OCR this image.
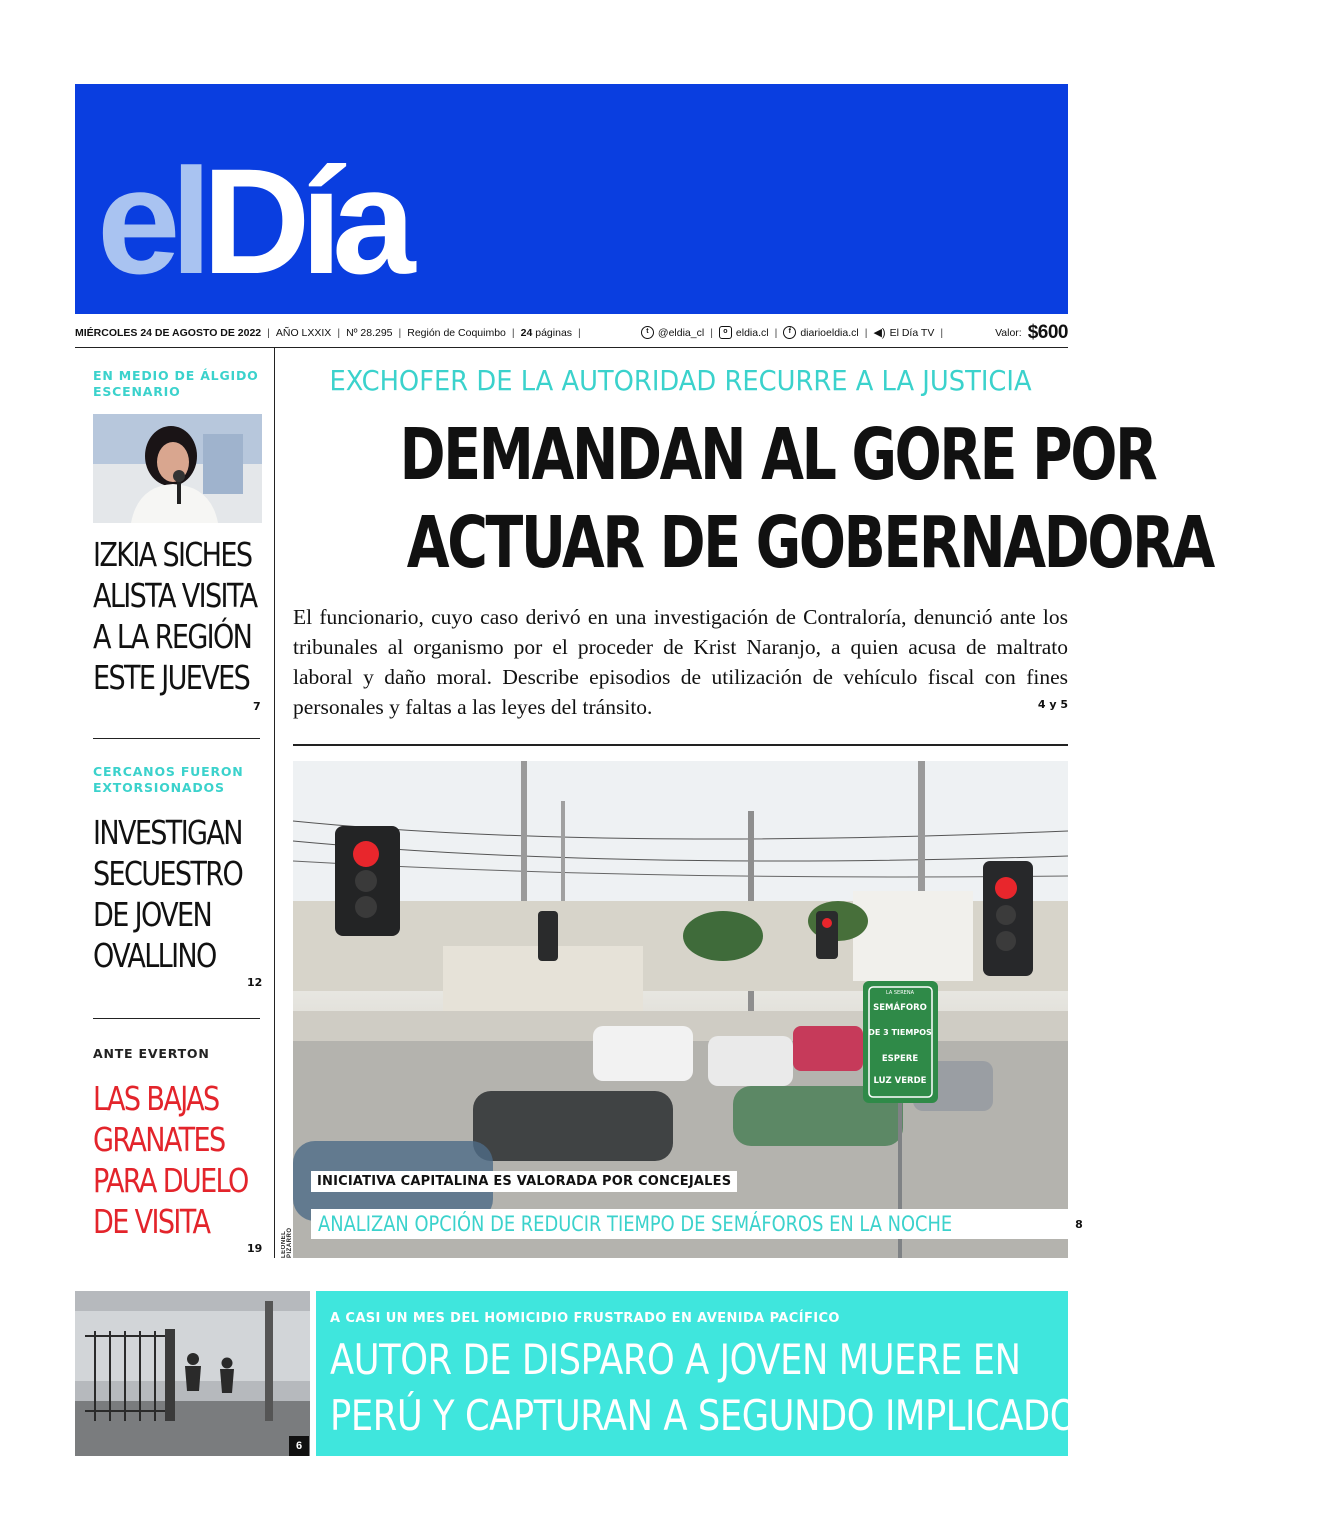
elDía
MIÉRCOLES 24 DE AGOSTO DE 2022 | AÑO LXXIX | Nº 28.295 | Región de Coquimbo | 24 páginas |	t @eldia_cl |	o eldia.cl |	f diarioeldia.cl | ◀) El Día TV |	Valor: $600
EN MEDIO DE ÁLGIDO ESCENARIO
IZKIA SICHES
ALISTA VISITA
A LA REGIÓN
ESTE JUEVES
7
CERCANOS FUERON EXTORSIONADOS
INVESTIGAN
SECUESTRO
DE JOVEN
OVALLINO
12
ANTE EVERTON
LAS BAJAS
GRANATES
PARA DUELO
DE VISITA
19
EXCHOFER DE LA AUTORIDAD RECURRE A LA JUSTICIA
DEMANDAN AL GORE POR
ACTUAR DE GOBERNADORA
El funcionario, cuyo caso derivó en una investigación de Contraloría, denunció ante los tribunales al organismo por el proceder de Krist Naranjo, a quien acusa de maltrato laboral y daño moral. Describe episodios de utilización de vehículo fiscal con fines personales y faltas a las leyes del tránsito.	4 y 5
LA SERENA
SEMÁFORO
DE 3 TIEMPOS
ESPERE
LUZ VERDE
INICIATIVA CAPITALINA ES VALORADA POR CONCEJALES
ANALIZAN OPCIÓN DE REDUCIR TIEMPO DE SEMÁFOROS EN LA NOCHE	8
LEONEL PIZARRO
6
A CASI UN MES DEL HOMICIDIO FRUSTRADO EN AVENIDA PACÍFICO
AUTOR DE DISPARO A JOVEN MUERE EN
PERÚ Y CAPTURAN A SEGUNDO IMPLICADO
